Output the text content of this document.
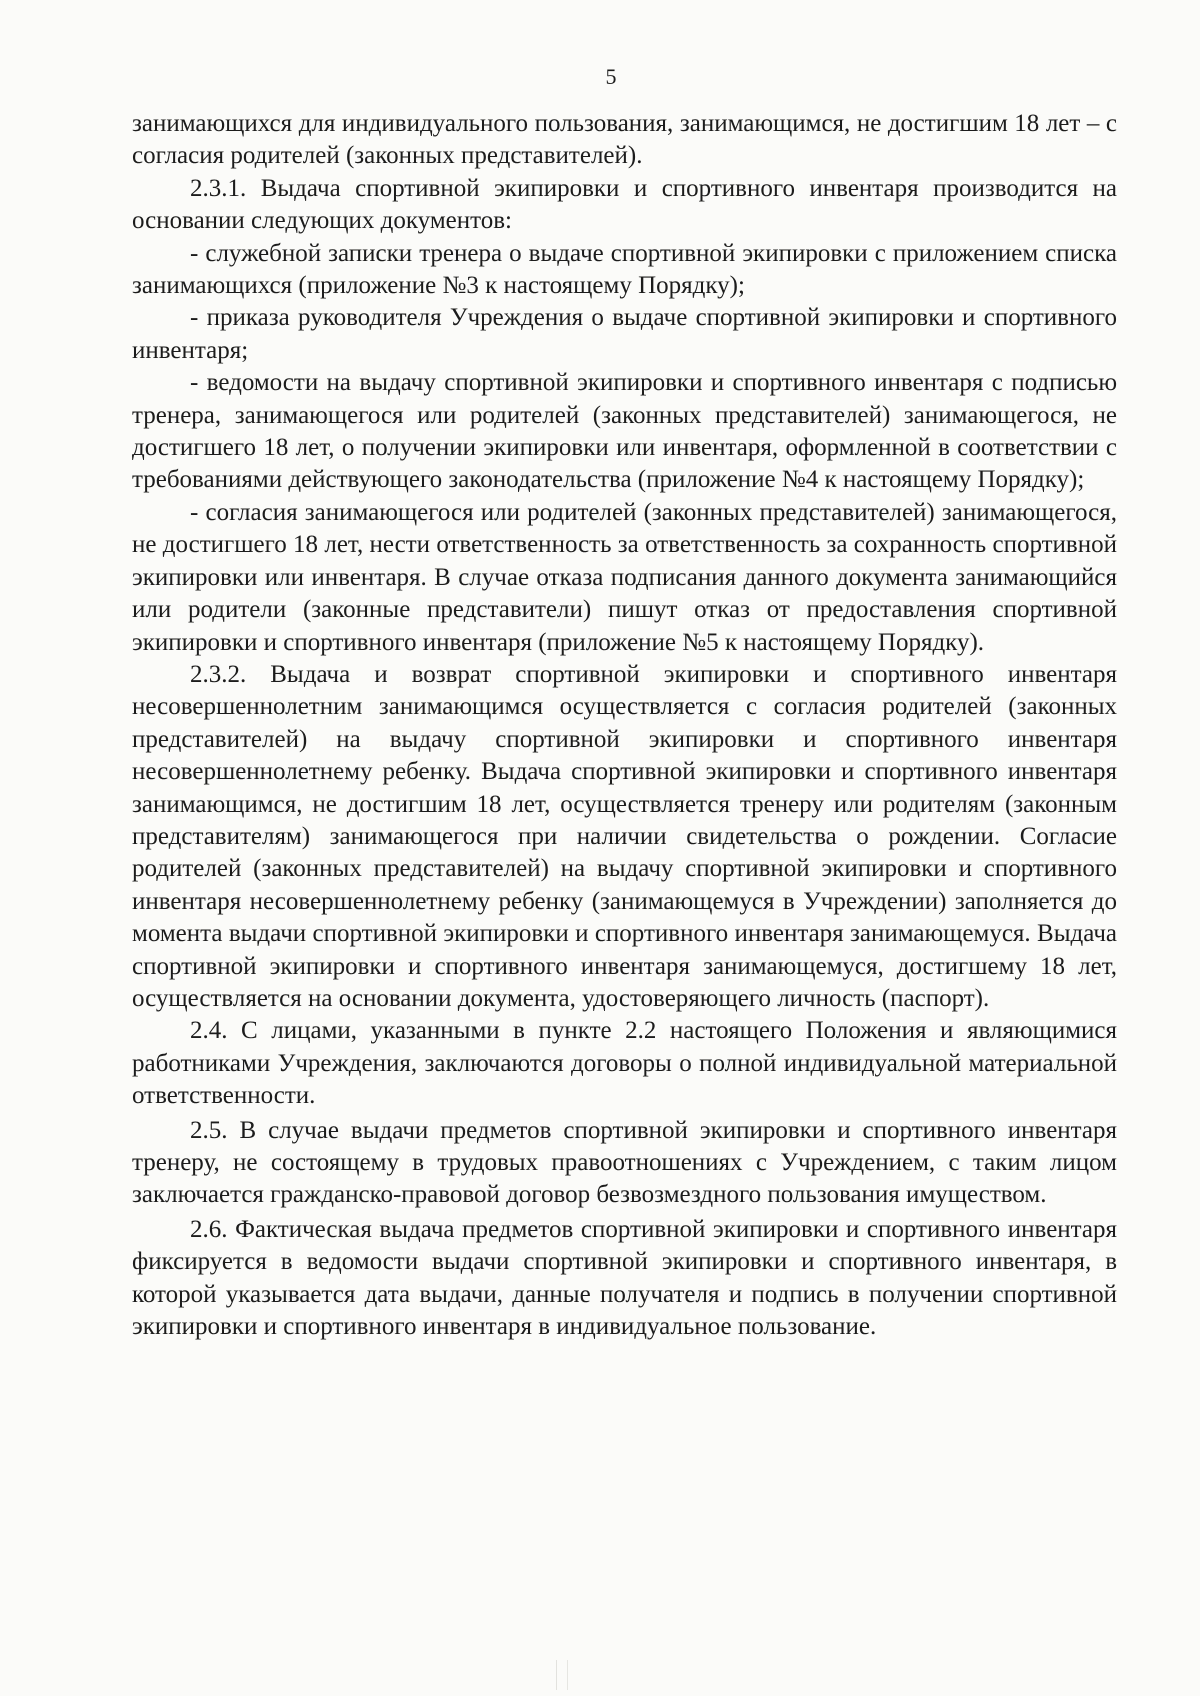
5

занимающихся для индивидуального пользования, занимающимся, не достигшим 18 лет – с согласия родителей (законных представителей).

2.3.1. Выдача спортивной экипировки и спортивного инвентаря производится на основании следующих документов:

- служебной записки тренера о выдаче спортивной экипировки с приложением списка занимающихся (приложение №3 к настоящему Порядку);

- приказа руководителя Учреждения о выдаче спортивной экипировки и спортивного инвентаря;

- ведомости на выдачу спортивной экипировки и спортивного инвентаря с подписью тренера, занимающегося или родителей (законных представителей) занимающегося, не достигшего 18 лет, о получении экипировки или инвентаря, оформленной в соответствии с требованиями действующего законодательства (приложение №4 к настоящему Порядку);

- согласия занимающегося или родителей (законных представителей) занимающегося, не достигшего 18 лет, нести ответственность за ответственность за сохранность спортивной экипировки или инвентаря. В случае отказа подписания данного документа занимающийся или родители (законные представители) пишут отказ от предоставления спортивной экипировки и спортивного инвентаря (приложение №5 к настоящему Порядку).

2.3.2. Выдача и возврат спортивной экипировки и спортивного инвентаря несовершеннолетним занимающимся осуществляется с согласия родителей (законных представителей) на выдачу спортивной экипировки и спортивного инвентаря несовершеннолетнему ребенку. Выдача спортивной экипировки и спортивного инвентаря занимающимся, не достигшим 18 лет, осуществляется тренеру или родителям (законным представителям) занимающегося при наличии свидетельства о рождении. Согласие родителей (законных представителей) на выдачу спортивной экипировки и спортивного инвентаря несовершеннолетнему ребенку (занимающемуся в Учреждении) заполняется до момента выдачи спортивной экипировки и спортивного инвентаря занимающемуся. Выдача спортивной экипировки и спортивного инвентаря занимающемуся, достигшему 18 лет, осуществляется на основании документа, удостоверяющего личность (паспорт).

2.4. С лицами, указанными в пункте 2.2 настоящего Положения и являющимися работниками Учреждения, заключаются договоры о полной индивидуальной материальной ответственности.

2.5. В случае выдачи предметов спортивной экипировки и спортивного инвентаря тренеру, не состоящему в трудовых правоотношениях с Учреждением, с таким лицом заключается гражданско-правовой договор безвозмездного пользования имуществом.

2.6. Фактическая выдача предметов спортивной экипировки и спортивного инвентаря фиксируется в ведомости выдачи спортивной экипировки и спортивного инвентаря, в которой указывается дата выдачи, данные получателя и подпись в получении спортивной экипировки и спортивного инвентаря в индивидуальное пользование.
